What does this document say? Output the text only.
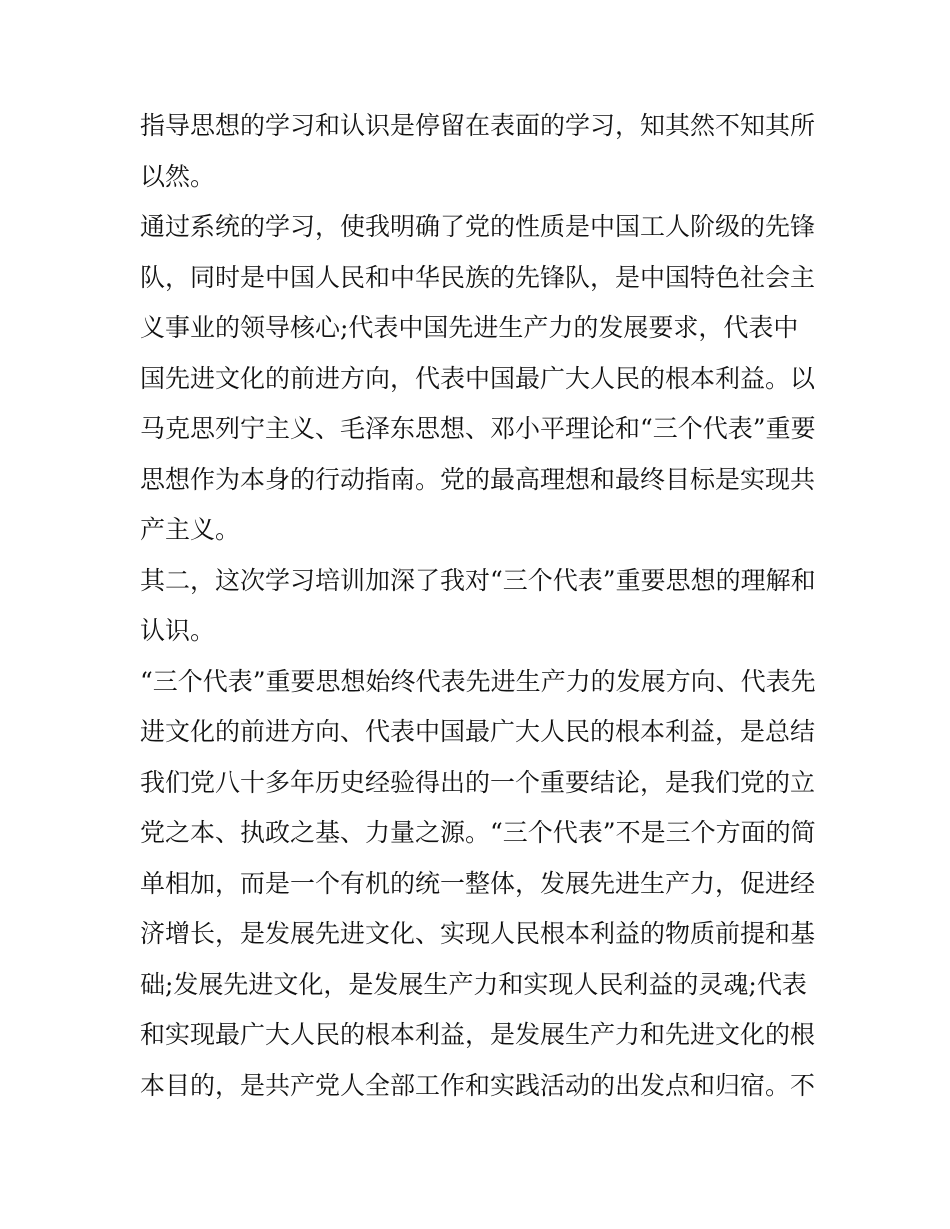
指导思想的学习和认识是停留在表面的学习，知其然不知其所
以然。
通过系统的学习，使我明确了党的性质是中国工人阶级的先锋
队，同时是中国人民和中华民族的先锋队，是中国特色社会主
义事业的领导核心;代表中国先进生产力的发展要求，代表中
国先进文化的前进方向，代表中国最广大人民的根本利益。以
马克思列宁主义、毛泽东思想、邓小平理论和“三个代表”重要
思想作为本身的行动指南。党的最高理想和最终目标是实现共
产主义。
其二，这次学习培训加深了我对“三个代表”重要思想的理解和
认识。
“三个代表”重要思想始终代表先进生产力的发展方向、代表先
进文化的前进方向、代表中国最广大人民的根本利益，是总结
我们党八十多年历史经验得出的一个重要结论，是我们党的立
党之本、执政之基、力量之源。“三个代表”不是三个方面的简
单相加，而是一个有机的统一整体，发展先进生产力，促进经
济增长，是发展先进文化、实现人民根本利益的物质前提和基
础;发展先进文化，是发展生产力和实现人民利益的灵魂;代表
和实现最广大人民的根本利益，是发展生产力和先进文化的根
本目的，是共产党人全部工作和实践活动的出发点和归宿。不
